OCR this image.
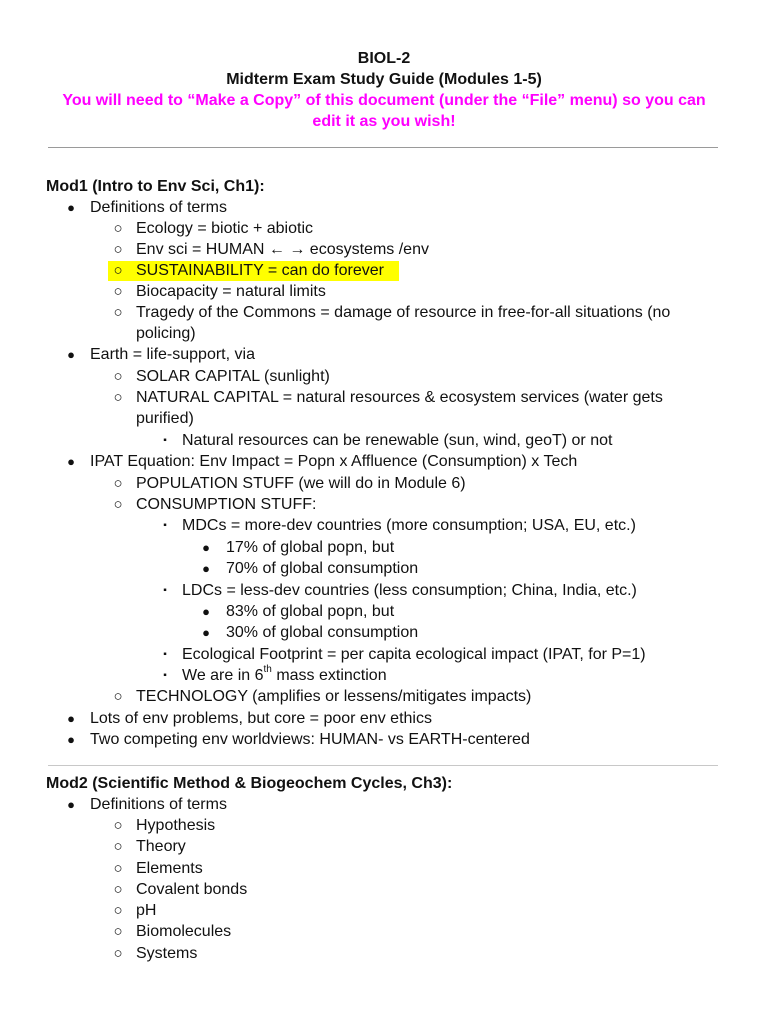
BIOL-2
Midterm Exam Study Guide (Modules 1-5)
You will need to “Make a Copy” of this document (under the “File” menu) so you can
edit it as you wish!
Mod1 (Intro to Env Sci, Ch1):
● Definitions of terms
○ Ecology = biotic + abiotic
○ Env sci = HUMAN ← → ecosystems /env
○ SUSTAINABILITY = can do forever
○ Biocapacity = natural limits
○ Tragedy of the Commons = damage of resource in free-for-all situations (no
policing)
● Earth = life-support, via
○ SOLAR CAPITAL (sunlight)
○ NATURAL CAPITAL = natural resources & ecosystem services (water gets
purified)
▪ Natural resources can be renewable (sun, wind, geoT) or not
● IPAT Equation: Env Impact = Popn x Affluence (Consumption) x Tech
○ POPULATION STUFF (we will do in Module 6)
○ CONSUMPTION STUFF:
▪ MDCs = more-dev countries (more consumption; USA, EU, etc.)
● 17% of global popn, but
● 70% of global consumption
▪ LDCs = less-dev countries (less consumption; China, India, etc.)
● 83% of global popn, but
● 30% of global consumption
▪ Ecological Footprint = per capita ecological impact (IPAT, for P=1)
▪ We are in 6th mass extinction
○ TECHNOLOGY (amplifies or lessens/mitigates impacts)
● Lots of env problems, but core = poor env ethics
● Two competing env worldviews: HUMAN- vs EARTH-centered
Mod2 (Scientific Method & Biogeochem Cycles, Ch3):
● Definitions of terms
○ Hypothesis
○ Theory
○ Elements
○ Covalent bonds
○ pH
○ Biomolecules
○ Systems
